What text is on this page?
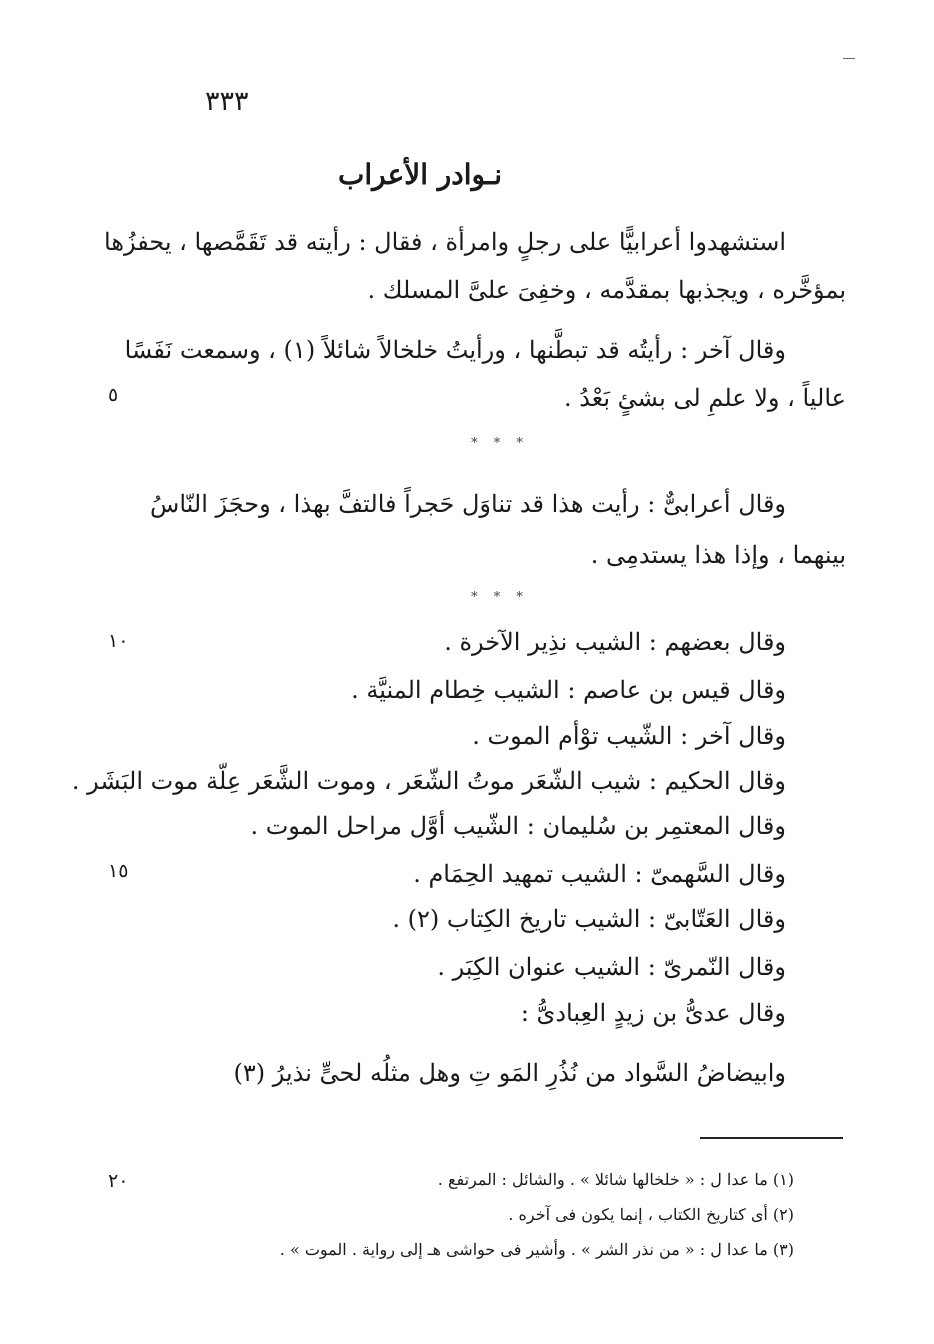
٣٣٣
نـوادر الأعراب
استشهدوا أعرابيًّا على رجلٍ وامرأة ، فقال : رأيته قد تَقَمَّصها ، يحفزُها
بمؤخَّره ، ويجذبها بمقدَّمه ، وخفِىَ علىَّ المسلك .
وقال آخر : رأيتُه قد تبطَّنها ، ورأيتُ خلخالاً شائلاً (١) ، وسمعت نَفَسًا
عالياً ، ولا علمِ لى بشئٍ بَعْدُ .
٥
* * *
وقال أعرابىٌّ : رأيت هذا قد تناوَل حَجراً فالتفَّ بهذا ، وحجَزَ النّاسُ
بينهما ، وإذا هذا يستدمِى .
* * *
وقال بعضهم : الشيب نذِير الآخرة .
١٠
وقال قيس بن عاصم : الشيب خِطام المنيَّة .
وقال آخر : الشّيب توْأم الموت .
وقال الحكيم : شيب الشّعَر موتُ الشّعَر ، وموت الشَّعَر عِلّة موت البَشَر .
وقال المعتمِر بن سُليمان : الشّيب أوَّل مراحل الموت .
وقال السَّهمىّ : الشيب تمهيد الحِمَام .
١٥
وقال العَتّابىّ : الشيب تاريخ الكِتاب (٢) .
وقال النّمرىّ : الشيب عنوان الكِبَر .
وقال عدىُّ بن زيدٍ العِبادىُّ :
وابيضاضُ السَّواد من نُذُرِ المَو تِ وهل مثلُه لحىٍّ نذيرُ (٣)
(١) ما عدا ل : « خلخالها شائلا » . والشائل : المرتفع .
٢٠
(٢) أى كتاريخ الكتاب ، إنما يكون فى آخره .
(٣) ما عدا ل : « من نذر الشر » . وأشير فى حواشى هـ إلى رواية . الموت » .
